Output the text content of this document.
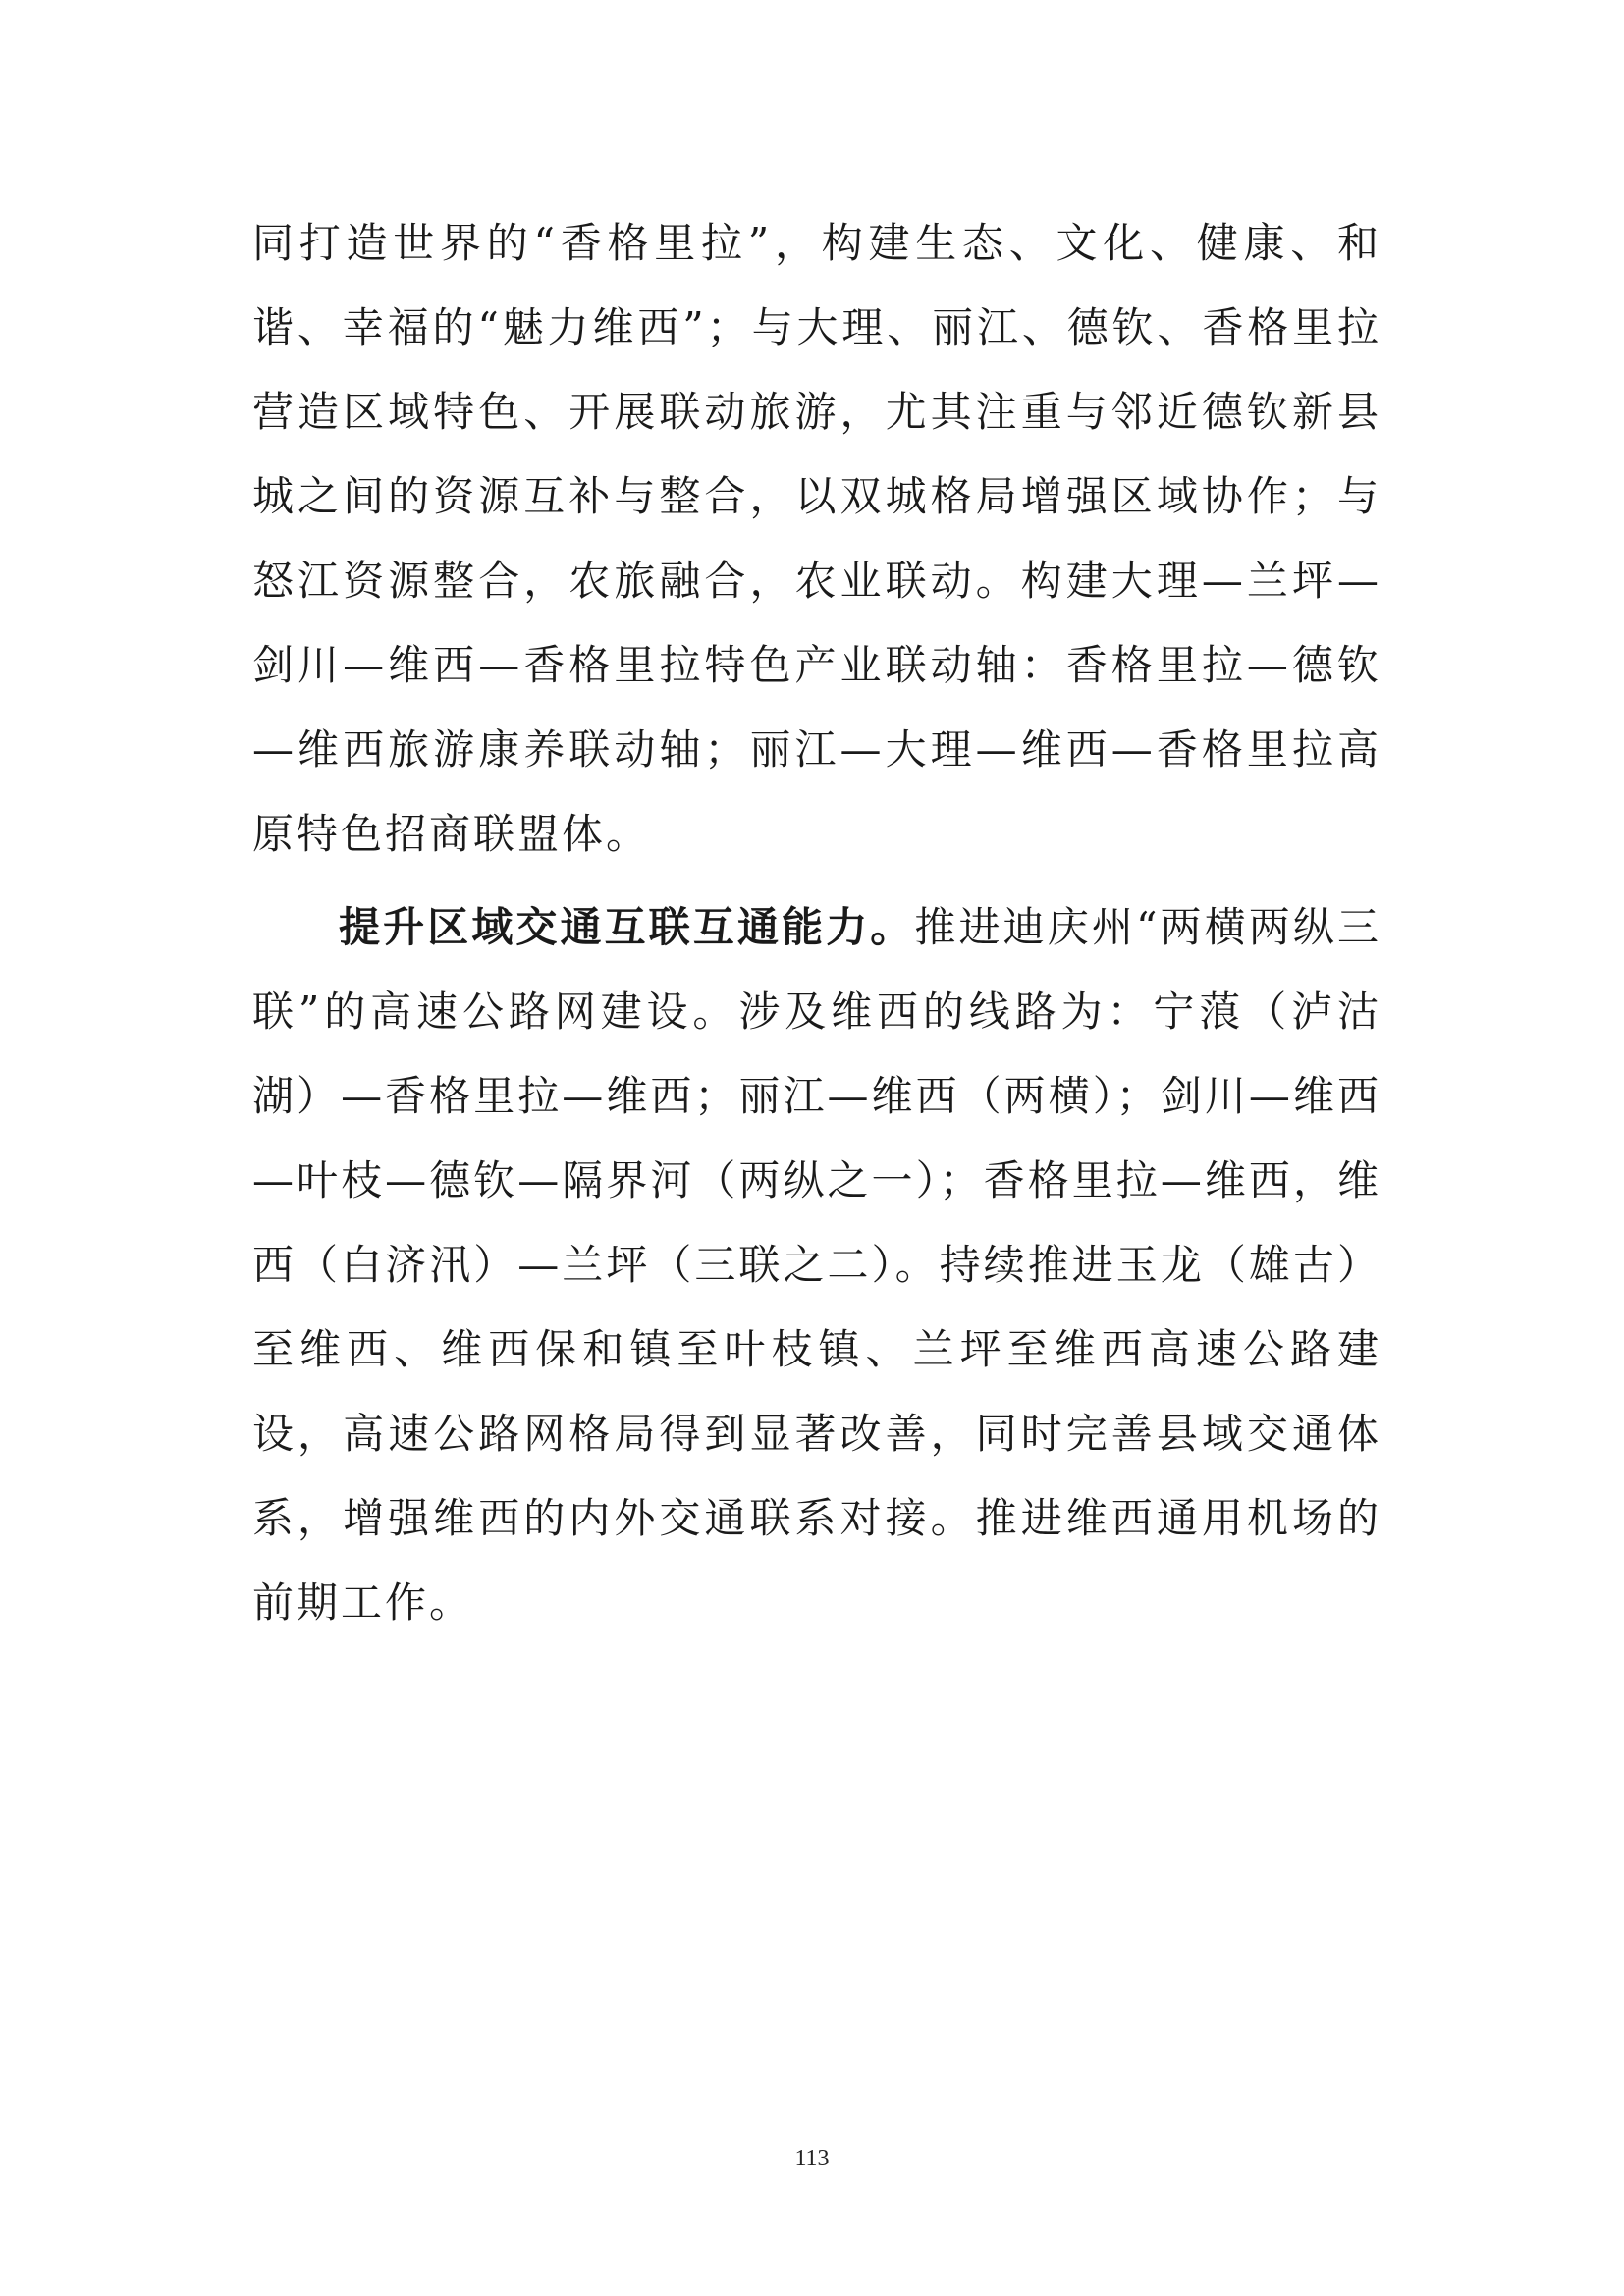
同打造世界的“香格里拉”，构建生态、文化、健康、和谐、幸福的“魅力维西”；与大理、丽江、德钦、香格里拉营造区域特色、开展联动旅游，尤其注重与邻近德钦新县城之间的资源互补与整合，以双城格局增强区域协作；与怒江资源整合，农旅融合，农业联动。构建大理—兰坪—剑川—维西—香格里拉特色产业联动轴：香格里拉—德钦—维西旅游康养联动轴；丽江—大理—维西—香格里拉高原特色招商联盟体。

提升区域交通互联互通能力。推进迪庆州“两横两纵三联”的高速公路网建设。涉及维西的线路为：宁蒗（泸沽湖）—香格里拉—维西；丽江—维西（两横）；剑川—维西—叶枝—德钦—隔界河（两纵之一）；香格里拉—维西，维西（白济汛）—兰坪（三联之二）。持续推进玉龙（雄古）至维西、维西保和镇至叶枝镇、兰坪至维西高速公路建设，高速公路网格局得到显著改善，同时完善县域交通体系，增强维西的内外交通联系对接。推进维西通用机场的前期工作。

113
